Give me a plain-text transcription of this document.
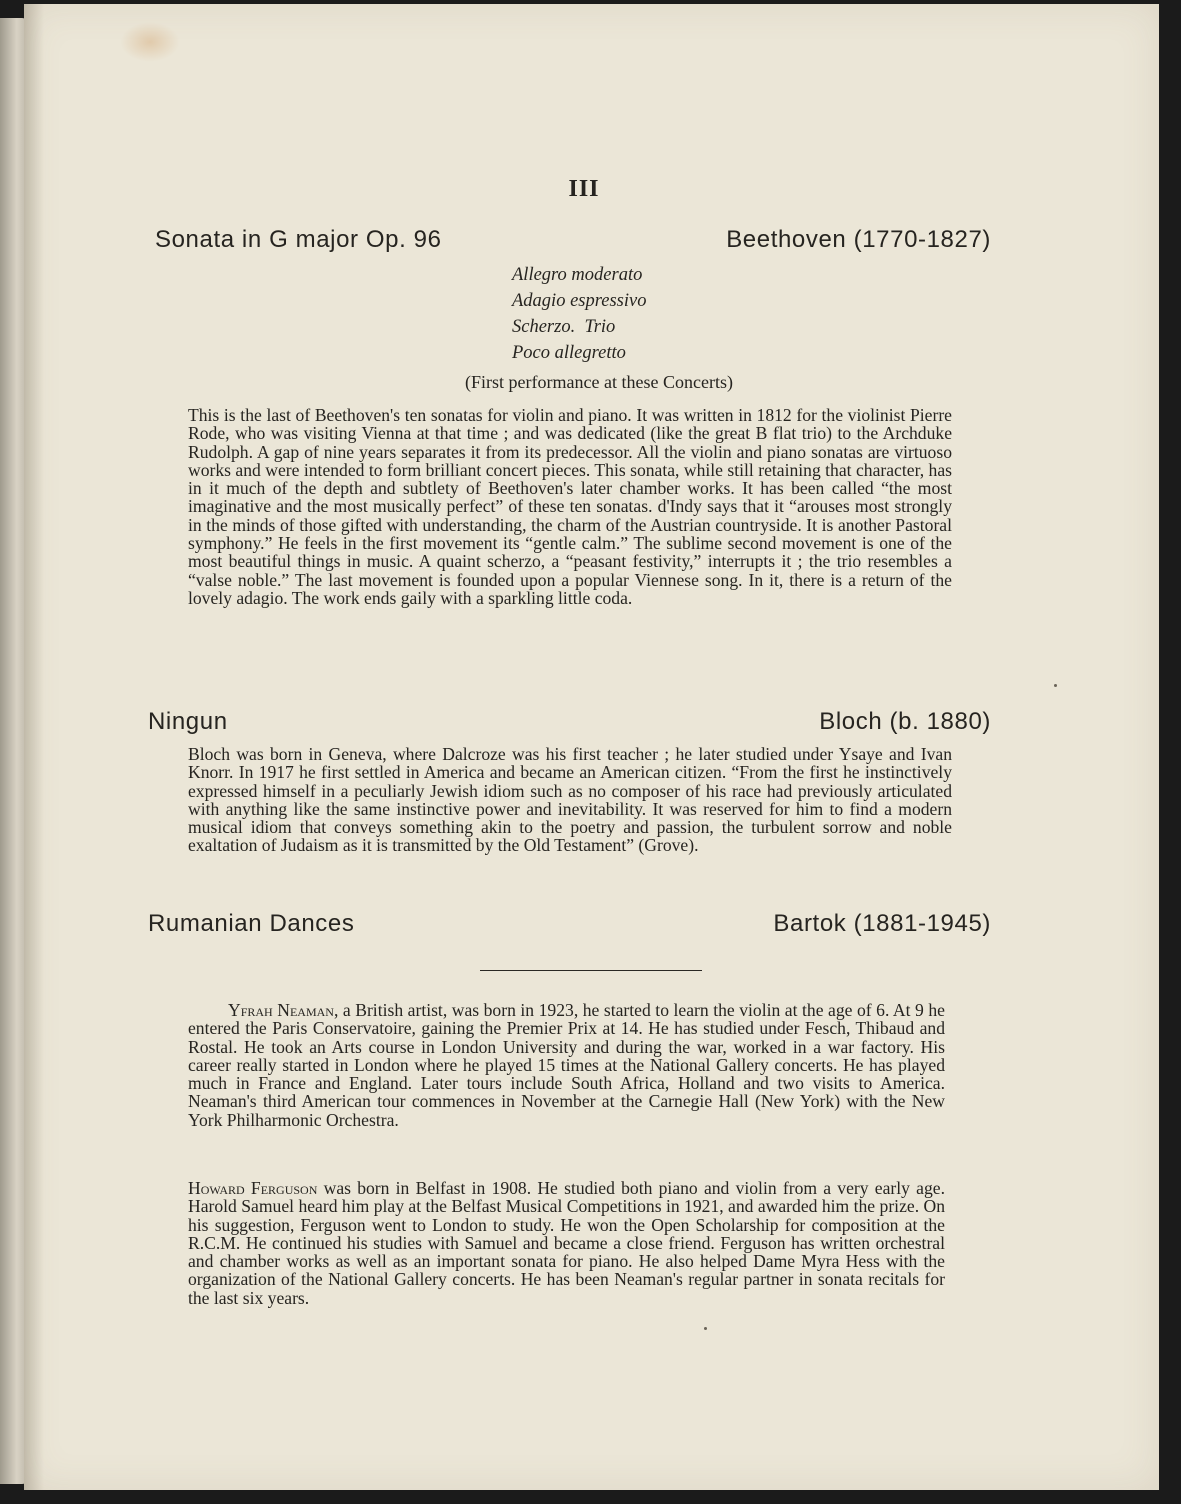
III
Sonata in G major Op. 96	Beethoven (1770-1827)
Allegro moderato
Adagio espressivo
Scherzo.  Trio
Poco allegretto
(First performance at these Concerts)

This is the last of Beethoven's ten sonatas for violin and piano. It was written in 1812 for the violinist Pierre Rode, who was visiting Vienna at that time ; and was dedicated (like the great B flat trio) to the Archduke Rudolph. A gap of nine years separates it from its predecessor. All the violin and piano sonatas are virtuoso works and were intended to form brilliant concert pieces. This sonata, while still retaining that character, has in it much of the depth and subtlety of Beethoven's later chamber works. It has been called “the most imaginative and the most musically perfect” of these ten sonatas. d'Indy says that it “arouses most strongly in the minds of those gifted with understanding, the charm of the Austrian countryside. It is another Pastoral symphony.” He feels in the first movement its “gentle calm.” The sublime second movement is one of the most beautiful things in music. A quaint scherzo, a “peasant festivity,” interrupts it ; the trio resembles a “valse noble.” The last movement is founded upon a popular Viennese song. In it, there is a return of the lovely adagio. The work ends gaily with a sparkling little coda.

Ningun	Bloch (b. 1880)

Bloch was born in Geneva, where Dalcroze was his first teacher ; he later studied under Ysaye and Ivan Knorr. In 1917 he first settled in America and became an American citizen. “From the first he instinctively expressed himself in a peculiarly Jewish idiom such as no composer of his race had previously articulated with anything like the same instinctive power and inevitability. It was reserved for him to find a modern musical idiom that conveys something akin to the poetry and passion, the turbulent sorrow and noble exaltation of Judaism as it is transmitted by the Old Testament” (Grove).

Rumanian Dances	Bartok (1881-1945)

Yfrah Neaman, a British artist, was born in 1923, he started to learn the violin at the age of 6. At 9 he entered the Paris Conservatoire, gaining the Premier Prix at 14. He has studied under Fesch, Thibaud and Rostal. He took an Arts course in London University and during the war, worked in a war factory. His career really started in London where he played 15 times at the National Gallery concerts. He has played much in France and England. Later tours include South Africa, Holland and two visits to America. Neaman's third American tour commences in November at the Carnegie Hall (New York) with the New York Philharmonic Orchestra.

Howard Ferguson was born in Belfast in 1908. He studied both piano and violin from a very early age. Harold Samuel heard him play at the Belfast Musical Competitions in 1921, and awarded him the prize. On his suggestion, Ferguson went to London to study. He won the Open Scholarship for composition at the R.C.M. He continued his studies with Samuel and became a close friend. Ferguson has written orchestral and chamber works as well as an important sonata for piano. He also helped Dame Myra Hess with the organization of the National Gallery concerts. He has been Neaman's regular partner in sonata recitals for the last six years.
